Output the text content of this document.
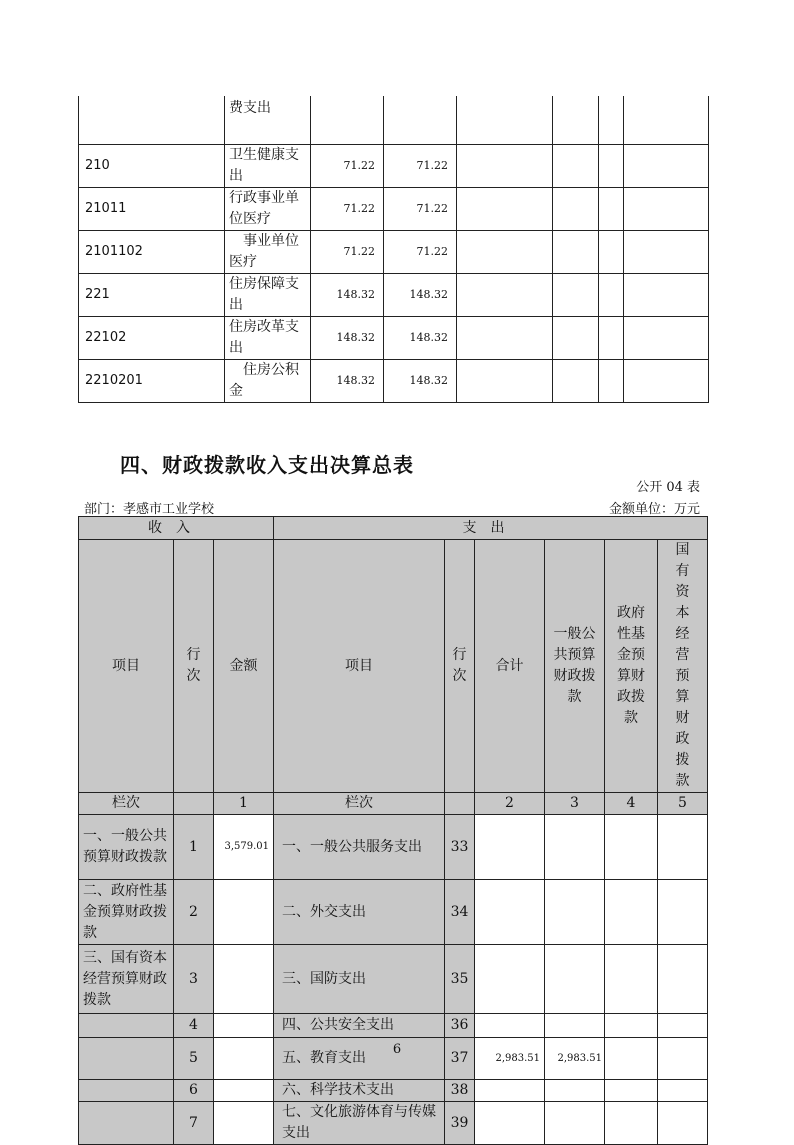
	费支出						
210	卫生健康支出	71.22	71.22				
21011	行政事业单位医疗	71.22	71.22				
2101102	　事业单位医疗	71.22	71.22				
221	住房保障支出	148.32	148.32				
22102	住房改革支出	148.32	148.32				
2210201	　住房公积金	148.32	148.32				
四、财政拨款收入支出决算总表
公开 04 表
部门：孝感市工业学校	金额单位：万元
收入			支出					
项目	行次	金额	项目	行次	合计	一般公共预算财政拨款	政府性基金预算财政拨款	国有资本经营预算财政拨款
栏次		1	栏次		2	3	4	5
一、一般公共预算财政拨款	1	3,579.01	一、一般公共服务支出	33				
二、政府性基金预算财政拨款	2		二、外交支出	34				
三、国有资本经营预算财政拨款	3		三、国防支出	35				
	4		四、公共安全支出	36				
	5		五、教育支出	37	2,983.51	2,983.51		
	6		六、科学技术支出	38				
	7		七、文化旅游体育与传媒支出	39				
6
